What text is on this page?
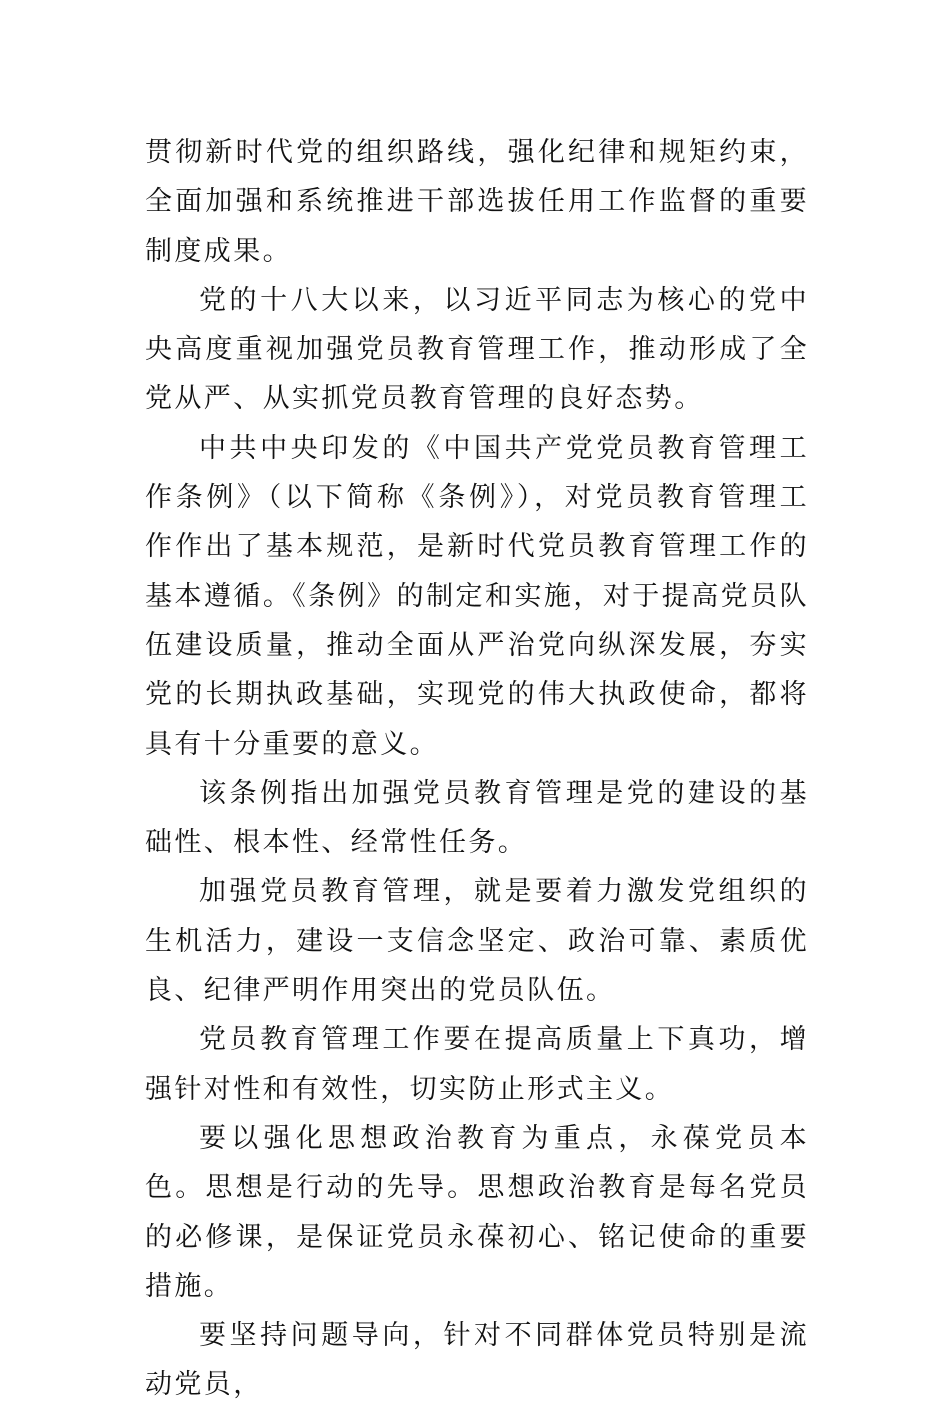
贯彻新时代党的组织路线，强化纪律和规矩约束，全面加强和系统推进干部选拔任用工作监督的重要制度成果。

党的十八大以来，以习近平同志为核心的党中央高度重视加强党员教育管理工作，推动形成了全党从严、从实抓党员教育管理的良好态势。

中共中央印发的《中国共产党党员教育管理工作条例》（以下简称《条例》），对党员教育管理工作作出了基本规范，是新时代党员教育管理工作的基本遵循。《条例》的制定和实施，对于提高党员队伍建设质量，推动全面从严治党向纵深发展，夯实党的长期执政基础，实现党的伟大执政使命，都将具有十分重要的意义。

该条例指出加强党员教育管理是党的建设的基础性、根本性、经常性任务。

加强党员教育管理，就是要着力激发党组织的生机活力，建设一支信念坚定、政治可靠、素质优良、纪律严明作用突出的党员队伍。

党员教育管理工作要在提高质量上下真功，增强针对性和有效性，切实防止形式主义。

要以强化思想政治教育为重点，永葆党员本色。思想是行动的先导。思想政治教育是每名党员的必修课，是保证党员永葆初心、铭记使命的重要措施。

要坚持问题导向，针对不同群体党员特别是流动党员，
